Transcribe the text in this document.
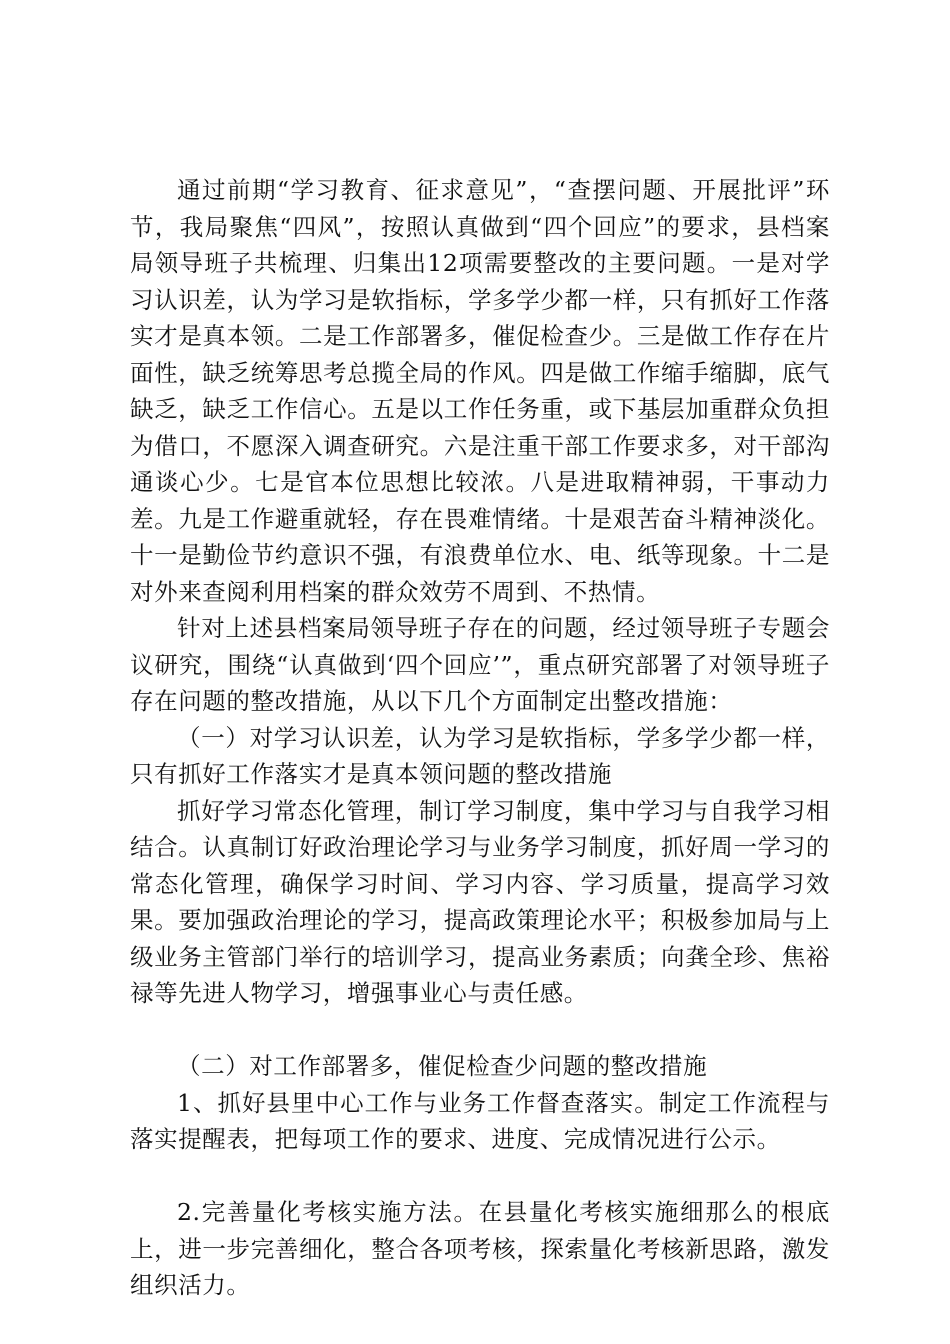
通过前期“学习教育、征求意见”，“查摆问题、开展批评”环节，我局聚焦“四风”，按照认真做到“四个回应”的要求，县档案局领导班子共梳理、归集出12项需要整改的主要问题。一是对学习认识差，认为学习是软指标，学多学少都一样，只有抓好工作落实才是真本领。二是工作部署多，催促检查少。三是做工作存在片面性，缺乏统筹思考总揽全局的作风。四是做工作缩手缩脚，底气缺乏，缺乏工作信心。五是以工作任务重，或下基层加重群众负担为借口，不愿深入调查研究。六是注重干部工作要求多，对干部沟通谈心少。七是官本位思想比较浓。八是进取精神弱，干事动力差。九是工作避重就轻，存在畏难情绪。十是艰苦奋斗精神淡化。十一是勤俭节约意识不强，有浪费单位水、电、纸等现象。十二是对外来查阅利用档案的群众效劳不周到、不热情。

针对上述县档案局领导班子存在的问题，经过领导班子专题会议研究，围绕“认真做到‘四个回应’”，重点研究部署了对领导班子存在问题的整改措施，从以下几个方面制定出整改措施：

（一）对学习认识差，认为学习是软指标，学多学少都一样，只有抓好工作落实才是真本领问题的整改措施

抓好学习常态化管理，制订学习制度，集中学习与自我学习相结合。认真制订好政治理论学习与业务学习制度，抓好周一学习的常态化管理，确保学习时间、学习内容、学习质量，提高学习效果。要加强政治理论的学习，提高政策理论水平；积极参加局与上级业务主管部门举行的培训学习，提高业务素质；向龚全珍、焦裕禄等先进人物学习，增强事业心与责任感。

（二）对工作部署多，催促检查少问题的整改措施

1、抓好县里中心工作与业务工作督查落实。制定工作流程与落实提醒表，把每项工作的要求、进度、完成情况进行公示。

2.完善量化考核实施方法。在县量化考核实施细那么的根底上，进一步完善细化，整合各项考核，探索量化考核新思路，激发组织活力。
